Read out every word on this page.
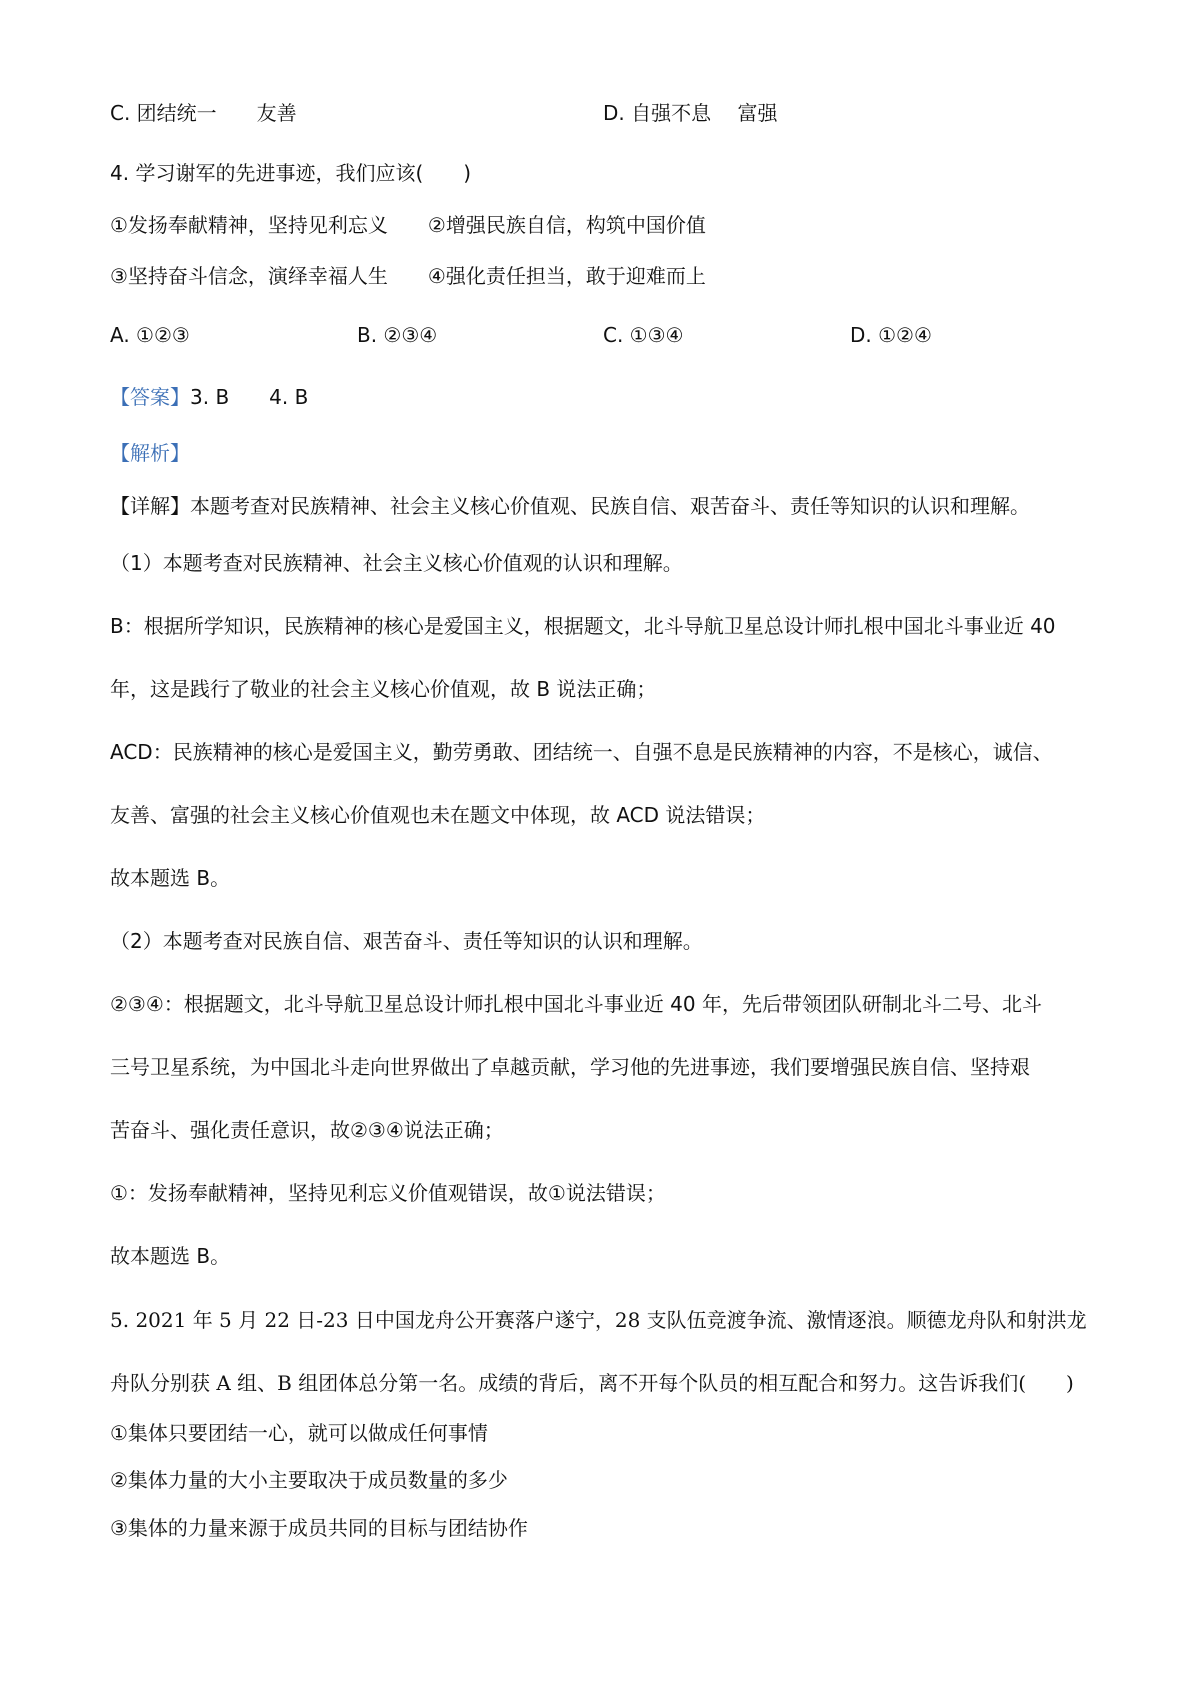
C. 团结统一　　友善	D. 自强不息　 富强
4. 学习谢军的先进事迹，我们应该(　　)
①发扬奉献精神，坚持见利忘义　　②增强民族自信，构筑中国价值
③坚持奋斗信念，演绎幸福人生　　④强化责任担当，敢于迎难而上
A. ①②③	B. ②③④	C. ①③④	D. ①②④
【答案】3. B　　4. B
【解析】
【详解】本题考查对民族精神、社会主义核心价值观、民族自信、艰苦奋斗、责任等知识的认识和理解。
（1）本题考查对民族精神、社会主义核心价值观的认识和理解。
B：根据所学知识，民族精神的核心是爱国主义，根据题文，北斗导航卫星总设计师扎根中国北斗事业近 40
年，这是践行了敬业的社会主义核心价值观，故 B 说法正确；
ACD：民族精神的核心是爱国主义，勤劳勇敢、团结统一、自强不息是民族精神的内容，不是核心，诚信、
友善、富强的社会主义核心价值观也未在题文中体现，故 ACD 说法错误；
故本题选 B。
（2）本题考查对民族自信、艰苦奋斗、责任等知识的认识和理解。
②③④：根据题文，北斗导航卫星总设计师扎根中国北斗事业近 40 年，先后带领团队研制北斗二号、北斗
三号卫星系统，为中国北斗走向世界做出了卓越贡献，学习他的先进事迹，我们要增强民族自信、坚持艰
苦奋斗、强化责任意识，故②③④说法正确；
①：发扬奉献精神，坚持见利忘义价值观错误，故①说法错误；
故本题选 B。
5. 2021 年 5 月 22 日-23 日中国龙舟公开赛落户遂宁，28 支队伍竞渡争流、激情逐浪。顺德龙舟队和射洪龙
舟队分别获 A 组、B 组团体总分第一名。成绩的背后，离不开每个队员的相互配合和努力。这告诉我们(　　)
①集体只要团结一心，就可以做成任何事情
②集体力量的大小主要取决于成员数量的多少
③集体的力量来源于成员共同的目标与团结协作
